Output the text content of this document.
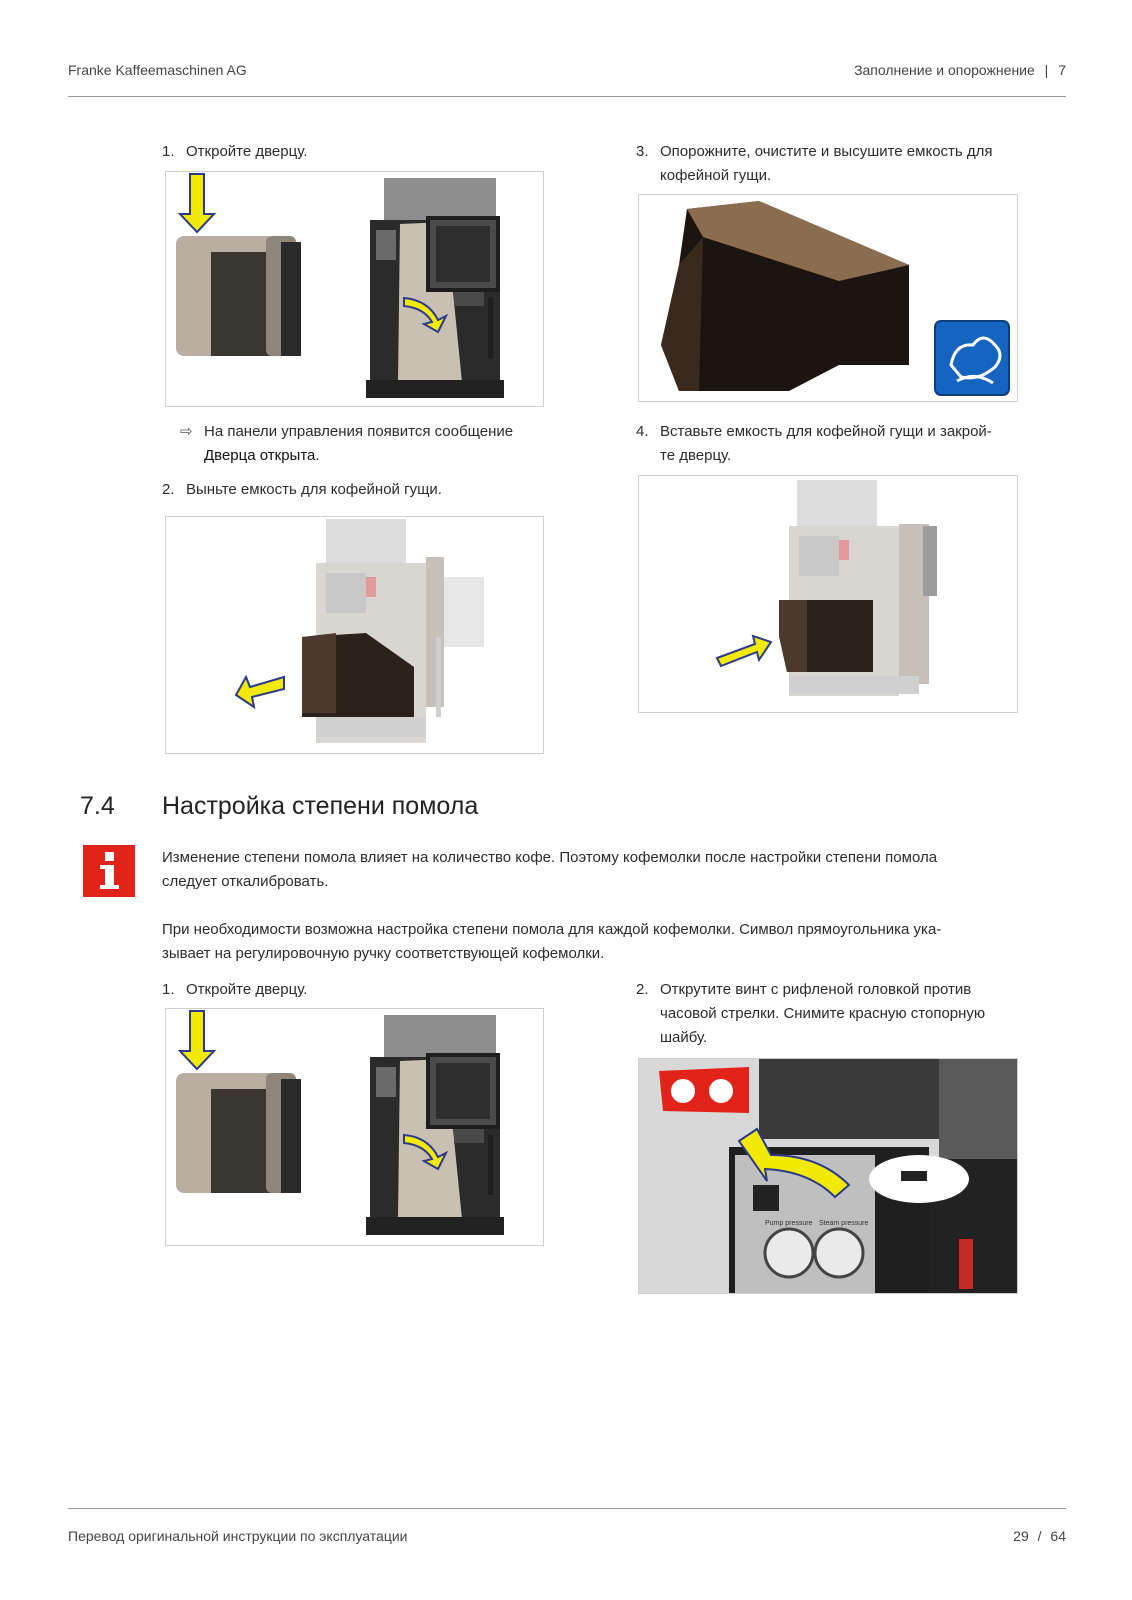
Franke Kaffeemaschinen AG	Заполнение и опорожнение | 7
1. Откройте дверцу.
⇨ На панели управления появится сообщение
Дверца открыта.
2. Выньте емкость для кофейной гущи.
3. Опорожните, очистите и высушите емкость для
кофейной гущи.
4. Вставьте емкость для кофейной гущи и закрой-
те дверцу.
7.4 Настройка степени помола
Изменение степени помола влияет на количество кофе. Поэтому кофемолки после настройки степени помола
следует откалибровать.
При необходимости возможна настройка степени помола для каждой кофемолки. Символ прямоугольника ука-
зывает на регулировочную ручку соответствующей кофемолки.
1. Откройте дверцу.	2. Открутите винт с рифленой головкой против
часовой стрелки. Снимите красную стопорную
шайбу.
Pump pressure Steam pressure
Перевод оригинальной инструкции по эксплуатации	29 / 64
